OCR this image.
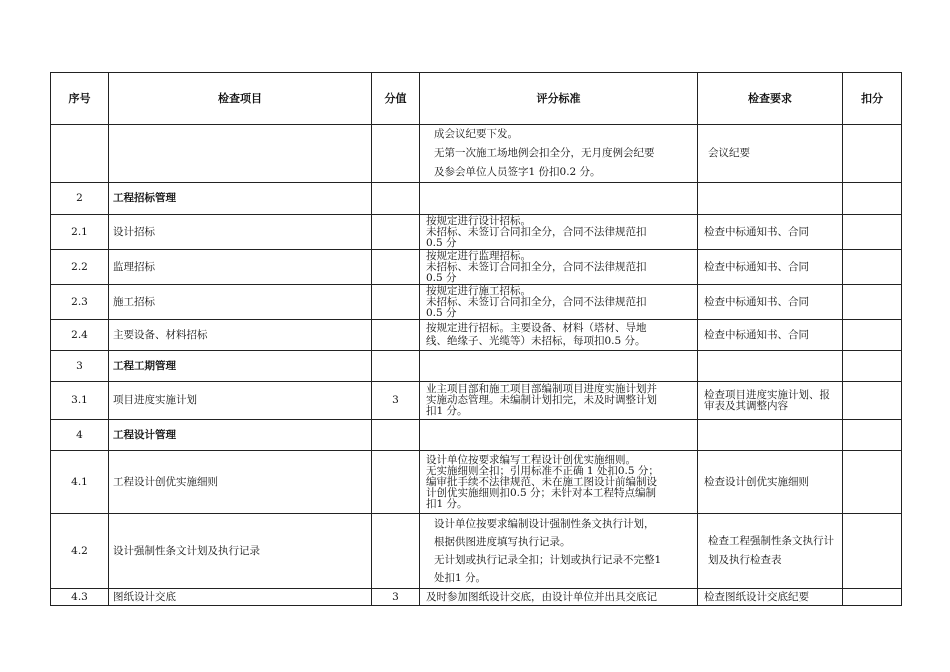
序号	检查项目	分值	评分标准	检查要求	扣分

			成会议纪要下发。
无第一次施工场地例会扣全分，无月度例会纪要
及参会单位人员签字1 份扣0.2 分。	会议纪要	
2	工程招标管理				
2.1	设计招标		按规定进行设计招标。
未招标、未签订合同扣全分，合同不法律规范扣
0.5 分	检查中标通知书、合同	
2.2	监理招标		按规定进行监理招标。
未招标、未签订合同扣全分，合同不法律规范扣
0.5 分	检查中标通知书、合同	
2.3	施工招标		按规定进行施工招标。
未招标、未签订合同扣全分，合同不法律规范扣
0.5 分	检查中标通知书、合同	
2.4	主要设备、材料招标		按规定进行招标。主要设备、材料（塔材、导地
线、绝缘子、光缆等）未招标，每项扣0.5 分。	检查中标通知书、合同	
3	工程工期管理				
3.1	项目进度实施计划	3	业主项目部和施工项目部编制项目进度实施计划并
实施动态管理。未编制计划扣完，未及时调整计划
扣1 分。	检查项目进度实施计划、报审表及其调整内容	
4	工程设计管理				
4.1	工程设计创优实施细则		设计单位按要求编写工程设计创优实施细则。
无实施细则全扣；引用标准不正确 1 处扣0.5 分；
编审批手续不法律规范、未在施工图设计前编制设
计创优实施细则扣0.5 分；未针对本工程特点编制
扣1 分。	检查设计创优实施细则	
4.2	设计强制性条文计划及执行记录		设计单位按要求编制设计强制性条文执行计划，
根据供图进度填写执行记录。
无计划或执行记录全扣；计划或执行记录不完整1
处扣1 分。	检查工程强制性条文执行计划及执行检查表	
4.3	图纸设计交底	3	及时参加图纸设计交底，由设计单位并出具交底记	检查图纸设计交底纪要	
